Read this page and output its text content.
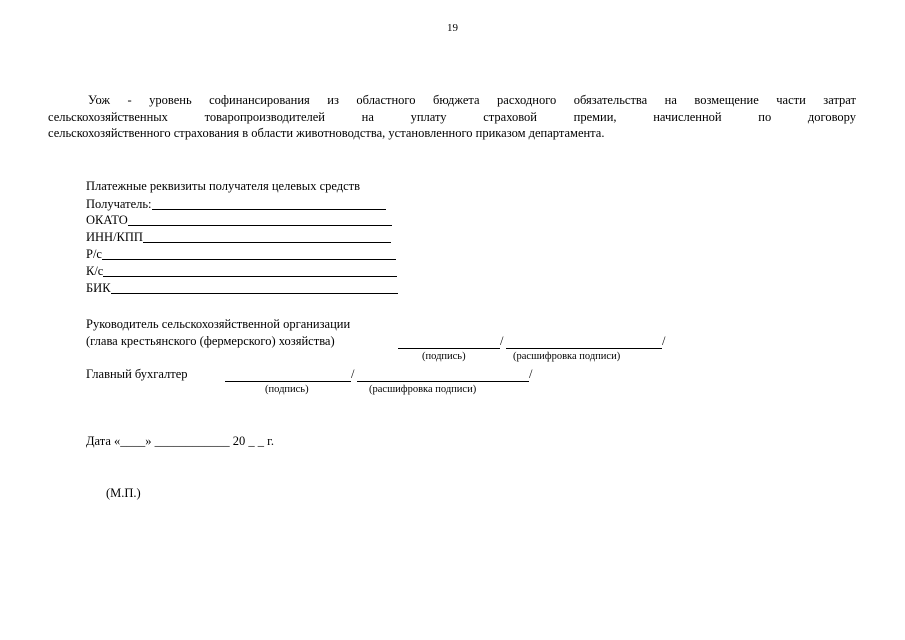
19
Уож - уровень софинансирования из областного бюджета расходного обязательства на возмещение части затрат
сельскохозяйственных товаропроизводителей на уплату страховой премии, начисленной по договору
сельскохозяйственного страхования в области животноводства, установленного приказом департамента.
Платежные реквизиты получателя целевых средств
Получатель:
ОКАТО
ИНН/КПП
Р/с
К/с
БИК
Руководитель сельскохозяйственной организации
(глава крестьянского (фермерского) хозяйства)	/	/
(подпись)	(расшифровка подписи)
Главный бухгалтер	/	/
(подпись)	(расшифровка подписи)
Дата «____» ____________ 20 _ _ г.
(М.П.)
